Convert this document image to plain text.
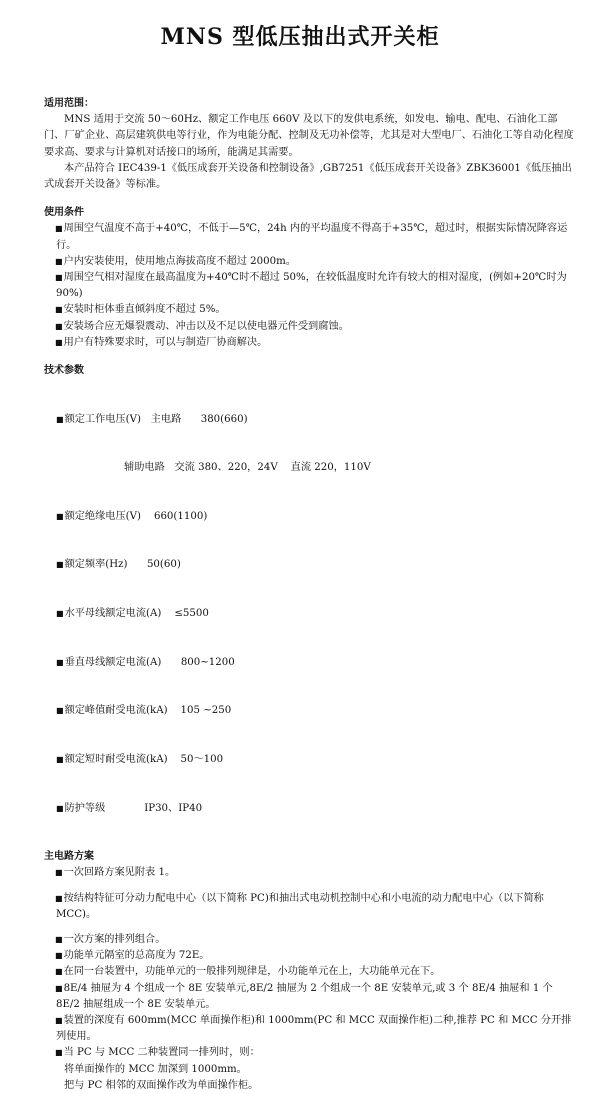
MNS 型低压抽出式开关柜
适用范围：

MNS 适用于交流 50～60Hz、额定工作电压 660V 及以下的发供电系统，如发电、输电、配电、石油化工部门、厂矿企业、高层建筑供电等行业，作为电能分配、控制及无功补偿等，尤其是对大型电厂、石油化工等自动化程度要求高、要求与计算机对话接口的场所，能满足其需要。

本产品符合 IEC439-1《低压成套开关设备和控制设备》,GB7251《低压成套开关设备》ZBK36001《低压抽出式成套开关设备》等标准。

使用条件
■ 周围空气温度不高于+40℃，不低于—5℃，24h 内的平均温度不得高于+35℃，超过时，根据实际情况降容运行。
■ 户内安装使用，使用地点海拔高度不超过 2000m。
■ 周围空气相对湿度在最高温度为+40℃时不超过 50%，在较低温度时允许有较大的相对湿度，(例如+20℃时为 90%)
■ 安装时柜体垂直倾斜度不超过 5%。
■ 安装场合应无爆裂震动、冲击以及不足以使电器元件受到腐蚀。
■ 用户有特殊要求时，可以与制造厂协商解决。
技术参数

■ 额定工作电压(V) 主电路      380(660)

辅助电路   交流 380、220，24V    直流 220，110V

■ 额定绝缘电压(V) 660(1100)

■ 额定频率(Hz) 50(60)

■ 水平母线额定电流(A) ≤5500

■ 垂直母线额定电流(A) 800~1200

■ 额定峰值耐受电流(kA) 105 ~250

■ 额定短时耐受电流(kA) 50～100

■ 防护等级	IP30、IP40

主电路方案
■ 一次回路方案见附表 1。
■ 按结构特征可分动力配电中心（以下简称 PC)和抽出式电动机控制中心和小电流的动力配电中心（以下简称 MCC)。
■ 一次方案的排列组合。
■ 功能单元隔室的总高度为 72E。
■ 在同一台装置中，功能单元的一般排列规律是，小功能单元在上，大功能单元在下。
■ 8E/4 抽屉为 4 个组成一个 8E 安装单元,8E/2 抽屉为 2 个组成一个 8E 安装单元,或 3 个 8E/4 抽屉和 1 个 8E/2 抽屉组成一个 8E 安装单元。
■ 装置的深度有 600mm(MCC 单面操作柜)和 1000mm(PC 和 MCC 双面操作柜)二种,推荐 PC 和 MCC 分开排列使用。
■ 当 PC 与 MCC 二种装置同一排列时，则：
将单面操作的 MCC 加深到 1000mm。
把与 PC 相邻的双面操作改为单面操作柜。
